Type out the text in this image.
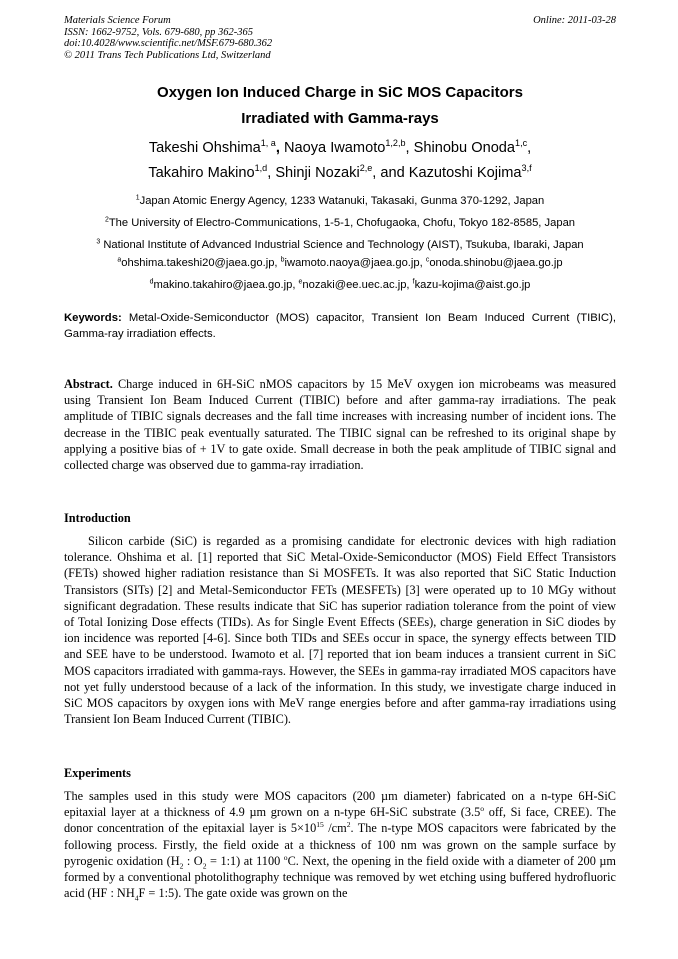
Materials Science Forum
ISSN: 1662-9752, Vols. 679-680, pp 362-365
doi:10.4028/www.scientific.net/MSF.679-680.362
© 2011 Trans Tech Publications Ltd, Switzerland
Online: 2011-03-28
Oxygen Ion Induced Charge in SiC MOS Capacitors
Irradiated with Gamma-rays
Takeshi Ohshima$^{1, a}$, Naoya Iwamoto$^{1,2,b}$, Shinobu Onoda$^{1,c}$,
Takahiro Makino$^{1,d}$, Shinji Nozaki$^{2,e}$, and Kazutoshi Kojima$^{3,f}$
$^1$Japan Atomic Energy Agency, 1233 Watanuki, Takasaki, Gunma 370-1292, Japan
$^2$The University of Electro-Communications, 1-5-1, Chofugaoka, Chofu, Tokyo 182-8585, Japan
$^3$ National Institute of Advanced Industrial Science and Technology (AIST), Tsukuba, Ibaraki, Japan
$^a$ohshima.takeshi20@jaea.go.jp, $^b$iwamoto.naoya@jaea.go.jp, $^c$onoda.shinobu@jaea.go.jp
$^d$makino.takahiro@jaea.go.jp, $^e$nozaki@ee.uec.ac.jp, $^f$kazu-kojima@aist.go.jp
Keywords: Metal-Oxide-Semiconductor (MOS) capacitor, Transient Ion Beam Induced Current (TIBIC), Gamma-ray irradiation effects.
Abstract. Charge induced in 6H-SiC nMOS capacitors by 15 MeV oxygen ion microbeams was measured using Transient Ion Beam Induced Current (TIBIC) before and after gamma-ray irradiations. The peak amplitude of TIBIC signals decreases and the fall time increases with increasing number of incident ions. The decrease in the TIBIC peak eventually saturated. The TIBIC signal can be refreshed to its original shape by applying a positive bias of + 1V to gate oxide. Small decrease in both the peak amplitude of TIBIC signal and collected charge was observed due to gamma-ray irradiation.
Introduction
Silicon carbide (SiC) is regarded as a promising candidate for electronic devices with high radiation tolerance. Ohshima et al. [1] reported that SiC Metal-Oxide-Semiconductor (MOS) Field Effect Transistors (FETs) showed higher radiation resistance than Si MOSFETs. It was also reported that SiC Static Induction Transistors (SITs) [2] and Metal-Semiconductor FETs (MESFETs) [3] were operated up to 10 MGy without significant degradation. These results indicate that SiC has superior radiation tolerance from the point of view of Total Ionizing Dose effects (TIDs). As for Single Event Effects (SEEs), charge generation in SiC diodes by ion incidence was reported [4-6]. Since both TIDs and SEEs occur in space, the synergy effects between TID and SEE have to be understood. Iwamoto et al. [7] reported that ion beam induces a transient current in SiC MOS capacitors irradiated with gamma-rays. However, the SEEs in gamma-ray irradiated MOS capacitors have not yet fully understood because of a lack of the information. In this study, we investigate charge induced in SiC MOS capacitors by oxygen ions with MeV range energies before and after gamma-ray irradiations using Transient Ion Beam Induced Current (TIBIC).
Experiments
The samples used in this study were MOS capacitors (200 µm diameter) fabricated on a n-type 6H-SiC epitaxial layer at a thickness of 4.9 µm grown on a n-type 6H-SiC substrate (3.5$^o$ off, Si face, CREE). The donor concentration of the epitaxial layer is $5\times 10^{15}$ $/cm^2$. The n-type MOS capacitors were fabricated by the following process. Firstly, the field oxide at a thickness of 100 nm was grown on the sample surface by pyrogenic oxidation ($H_2$ : $O_2$ = 1:1) at 1100 $^o$C. Next, the opening in the field oxide with a diameter of 200 µm formed by a conventional photolithography technique was removed by wet etching using buffered hydrofluoric acid (HF : $NH_4F$ = 1:5). The gate oxide was grown on the
